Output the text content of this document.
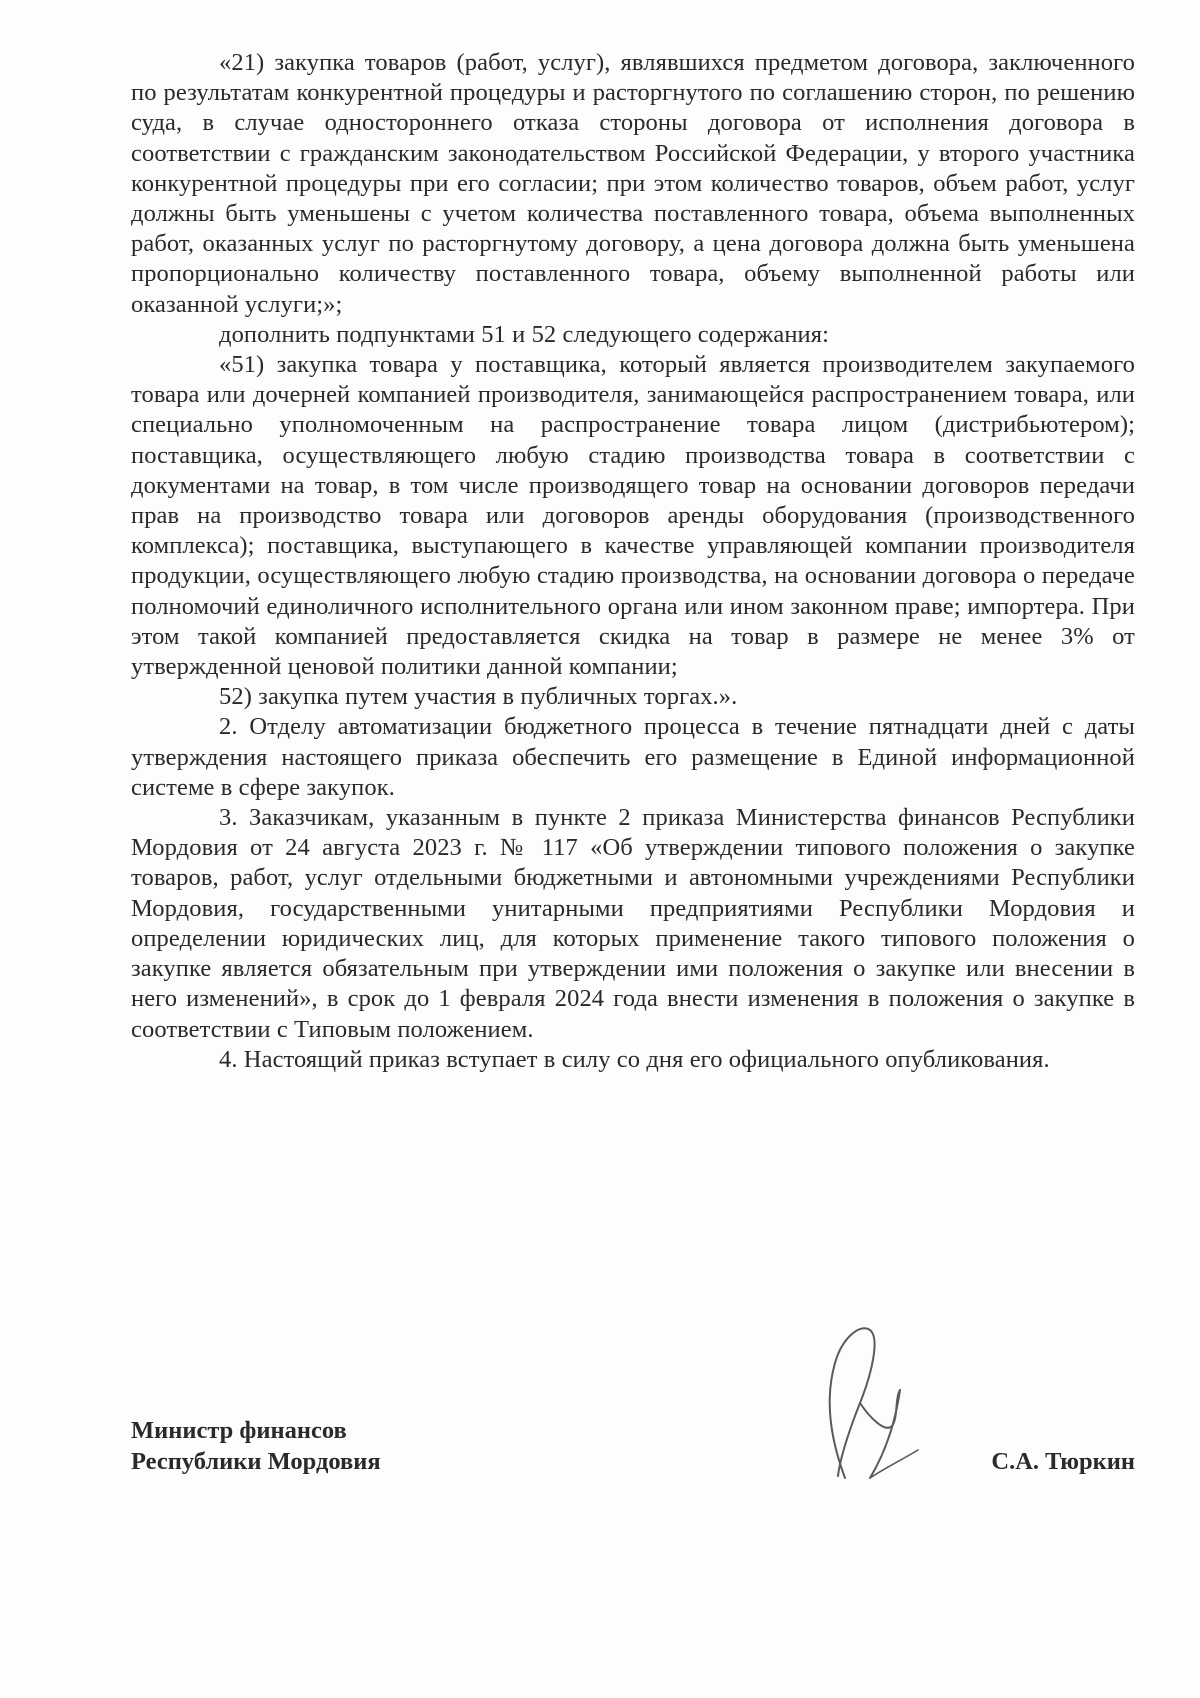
«21) закупка товаров (работ, услуг), являвшихся предметом договора, заключенного по результатам конкурентной процедуры и расторгнутого по соглашению сторон, по решению суда, в случае одностороннего отказа стороны договора от исполнения договора в соответствии с гражданским законодательством Российской Федерации, у второго участника конкурентной процедуры при его согласии; при этом количество товаров, объем работ, услуг должны быть уменьшены с учетом количества поставленного товара, объема выполненных работ, оказанных услуг по расторгнутому договору, а цена договора должна быть уменьшена пропорционально количеству поставленного товара, объему выполненной работы или оказанной услуги;»;

дополнить подпунктами 51 и 52 следующего содержания:

«51) закупка товара у поставщика, который является производителем закупаемого товара или дочерней компанией производителя, занимающейся распространением товара, или специально уполномоченным на распространение товара лицом (дистрибьютером); поставщика, осуществляющего любую стадию производства товара в соответствии с документами на товар, в том числе производящего товар на основании договоров передачи прав на производство товара или договоров аренды оборудования (производственного комплекса); поставщика, выступающего в качестве управляющей компании производителя продукции, осуществляющего любую стадию производства, на основании договора о передаче полномочий единоличного исполнительного органа или ином законном праве; импортера. При этом такой компанией предоставляется скидка на товар в размере не менее 3% от утвержденной ценовой политики данной компании;

52) закупка путем участия в публичных торгах.».

2. Отделу автоматизации бюджетного процесса в течение пятнадцати дней с даты утверждения настоящего приказа обеспечить его размещение в Единой информационной системе в сфере закупок.

3. Заказчикам, указанным в пункте 2 приказа Министерства финансов Республики Мордовия от 24 августа 2023 г. № 117 «Об утверждении типового положения о закупке товаров, работ, услуг отдельными бюджетными и автономными учреждениями Республики Мордовия, государственными унитарными предприятиями Республики Мордовия и определении юридических лиц, для которых применение такого типового положения о закупке является обязательным при утверждении ими положения о закупке или внесении в него изменений», в срок до 1 февраля 2024 года внести изменения в положения о закупке в соответствии с Типовым положением.

4. Настоящий приказ вступает в силу со дня его официального опубликования.

Министр финансов
Республики Мордовия	С.А. Тюркин
